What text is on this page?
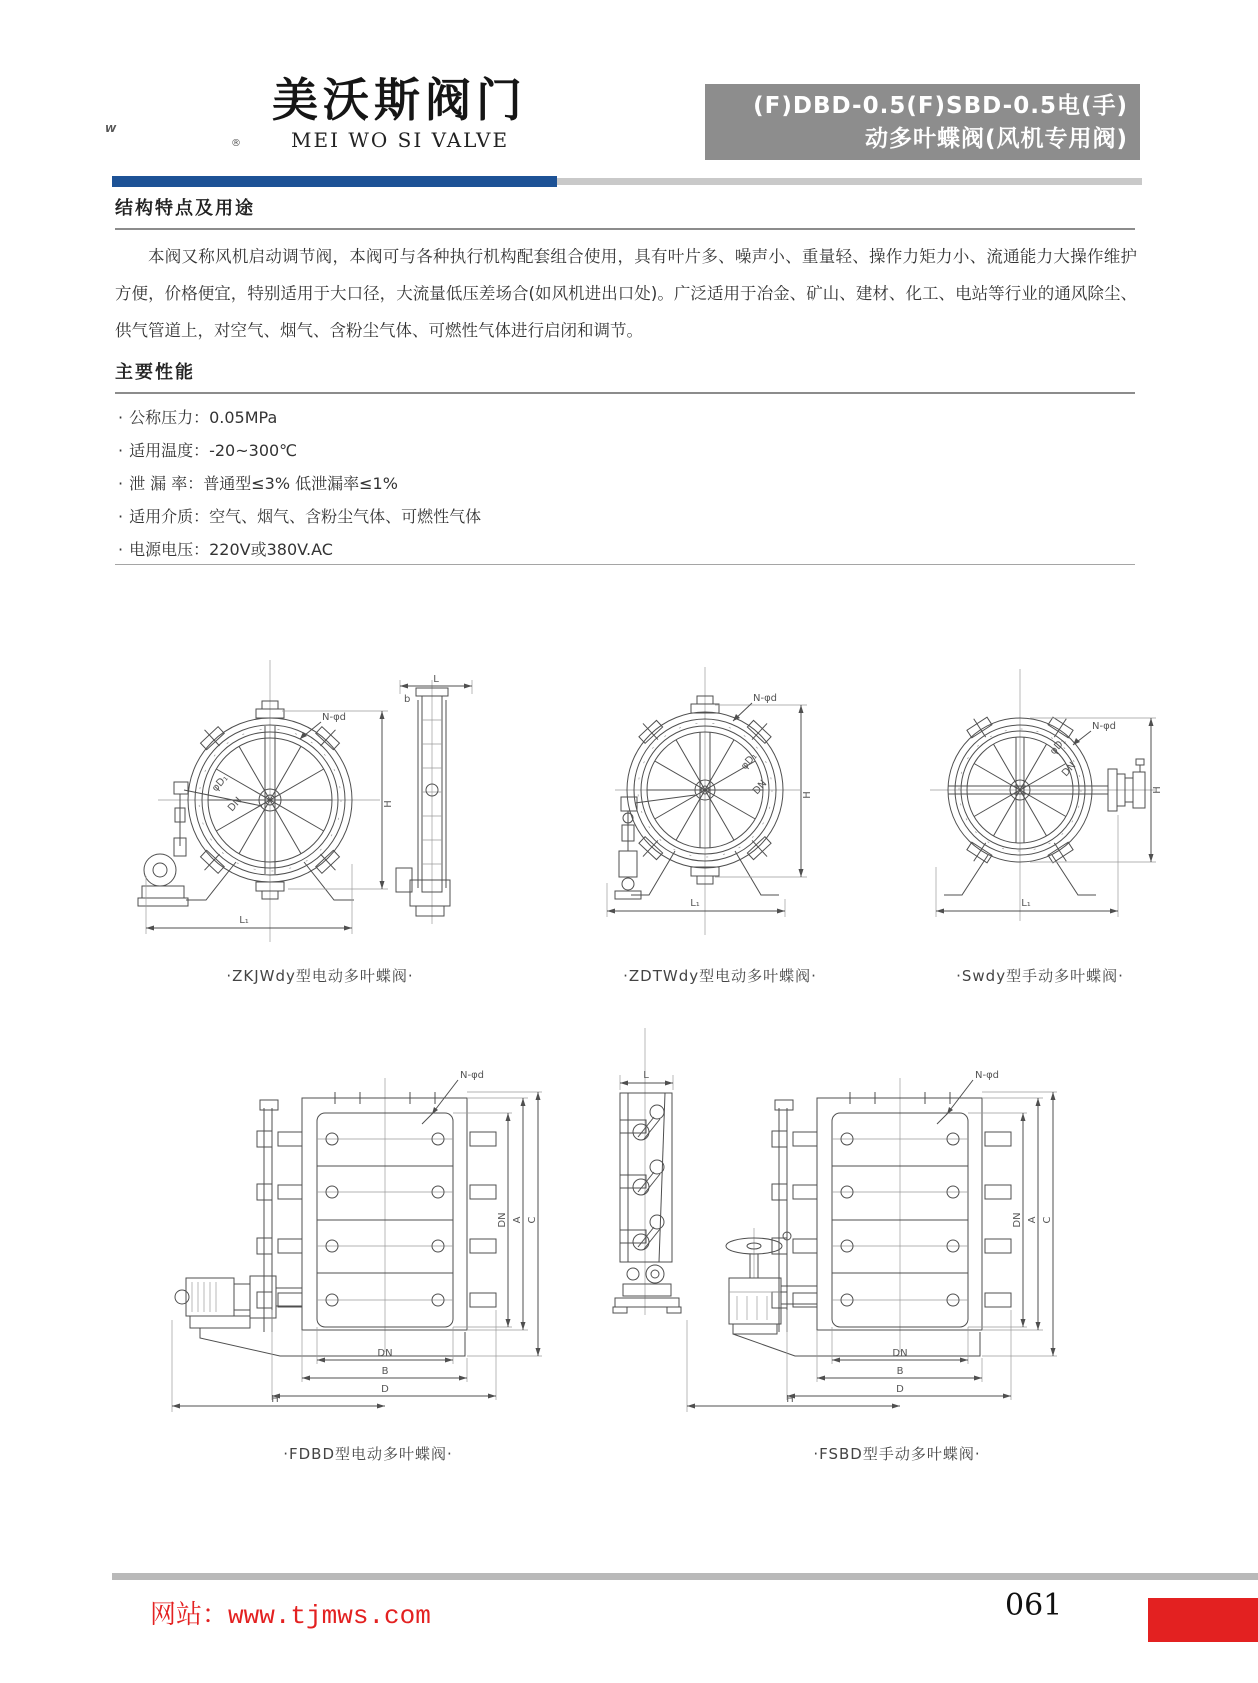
W
®
美沃斯阀门
MEI WO SI VALVE
(F)DBD-0.5(F)SBD-0.5电(手)
动多叶蝶阀(风机专用阀)
结构特点及用途
本阀又称风机启动调节阀，本阀可与各种执行机构配套组合使用，具有叶片多、噪声小、重量轻、操作力矩力小、流通能力大操作维护方便，价格便宜，特别适用于大口径，大流量低压差场合(如风机进出口处)。广泛适用于冶金、矿山、建材、化工、电站等行业的通风除尘、供气管道上，对空气、烟气、含粉尘气体、可燃性气体进行启闭和调节。
主要性能
· 公称压力：0.05MPa
· 适用温度：-20~300℃
· 泄 漏 率：普通型≤3% 低泄漏率≤1%
· 适用介质：空气、烟气、含粉尘气体、可燃性气体
· 电源电压：220V或380V.AC
H
L₁
N-φd
φD₁
DN
L
b
H
L₁
N-φd
φD₁
DN	H
L₁
N-φd
φD₁
DN
·ZKJWdy型电动多叶蝶阀·	·ZDTWdy型电动多叶蝶阀·	·Swdy型手动多叶蝶阀·
N-φd
DN A C
DN
B
D
H
L	N-φd
DN A C
DN
B
D
H
·FDBD型电动多叶蝶阀·	·FSBD型手动多叶蝶阀·
网站：www.tjmws.com	061
